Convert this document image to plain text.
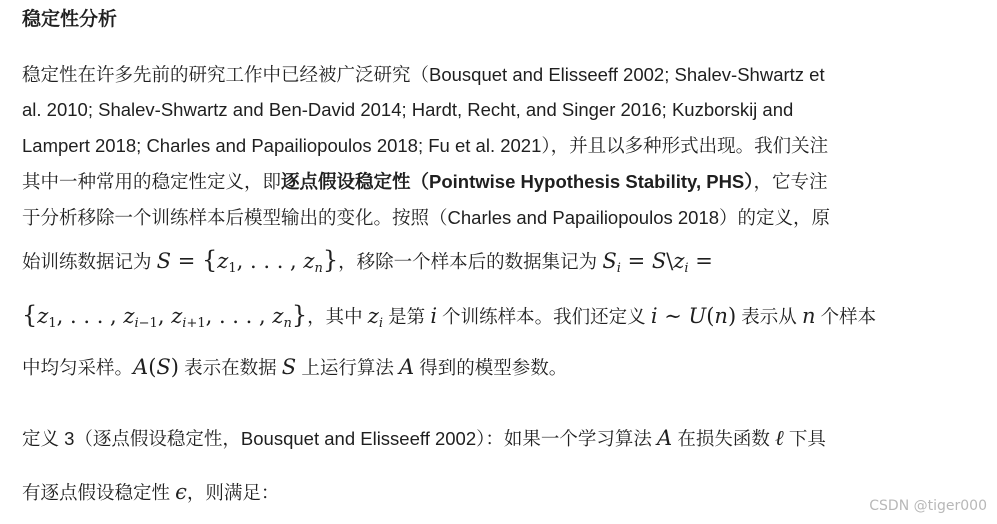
稳定性分析
稳定性在许多先前的研究工作中已经被广泛研究（Bousquet and Elisseeff 2002; Shalev-Shwartz et
al. 2010; Shalev-Shwartz and Ben-David 2014; Hardt, Recht, and Singer 2016; Kuzborskij and
Lampert 2018; Charles and Papailiopoulos 2018; Fu et al. 2021），并且以多种形式出现。我们关注
其中一种常用的稳定性定义，即逐点假设稳定性（Pointwise Hypothesis Stability, PHS），它专注
于分析移除一个训练样本后模型输出的变化。按照（Charles and Papailiopoulos 2018）的定义，原
始训练数据记为 $S = \{z_1$, . . . , $z_n$}，移除一个样本后的数据集记为 $S_i$ = $S\backslash z_i$ =
{$z_1$, . . . , $z_{i-1}$, $z_{i+1}$, . . . , $z_n$}，其中 $z_i$ 是第 i 个训练样本。我们还定义 i ∼ U(n) 表示从 n 个样本
中均匀采样。A(S) 表示在数据 S 上运行算法 A 得到的模型参数。
定义 3（逐点假设稳定性，Bousquet and Elisseeff 2002）：如果一个学习算法 A 在损失函数 ℓ 下具
有逐点假设稳定性 ϵ，则满足：
CSDN @tiger000
